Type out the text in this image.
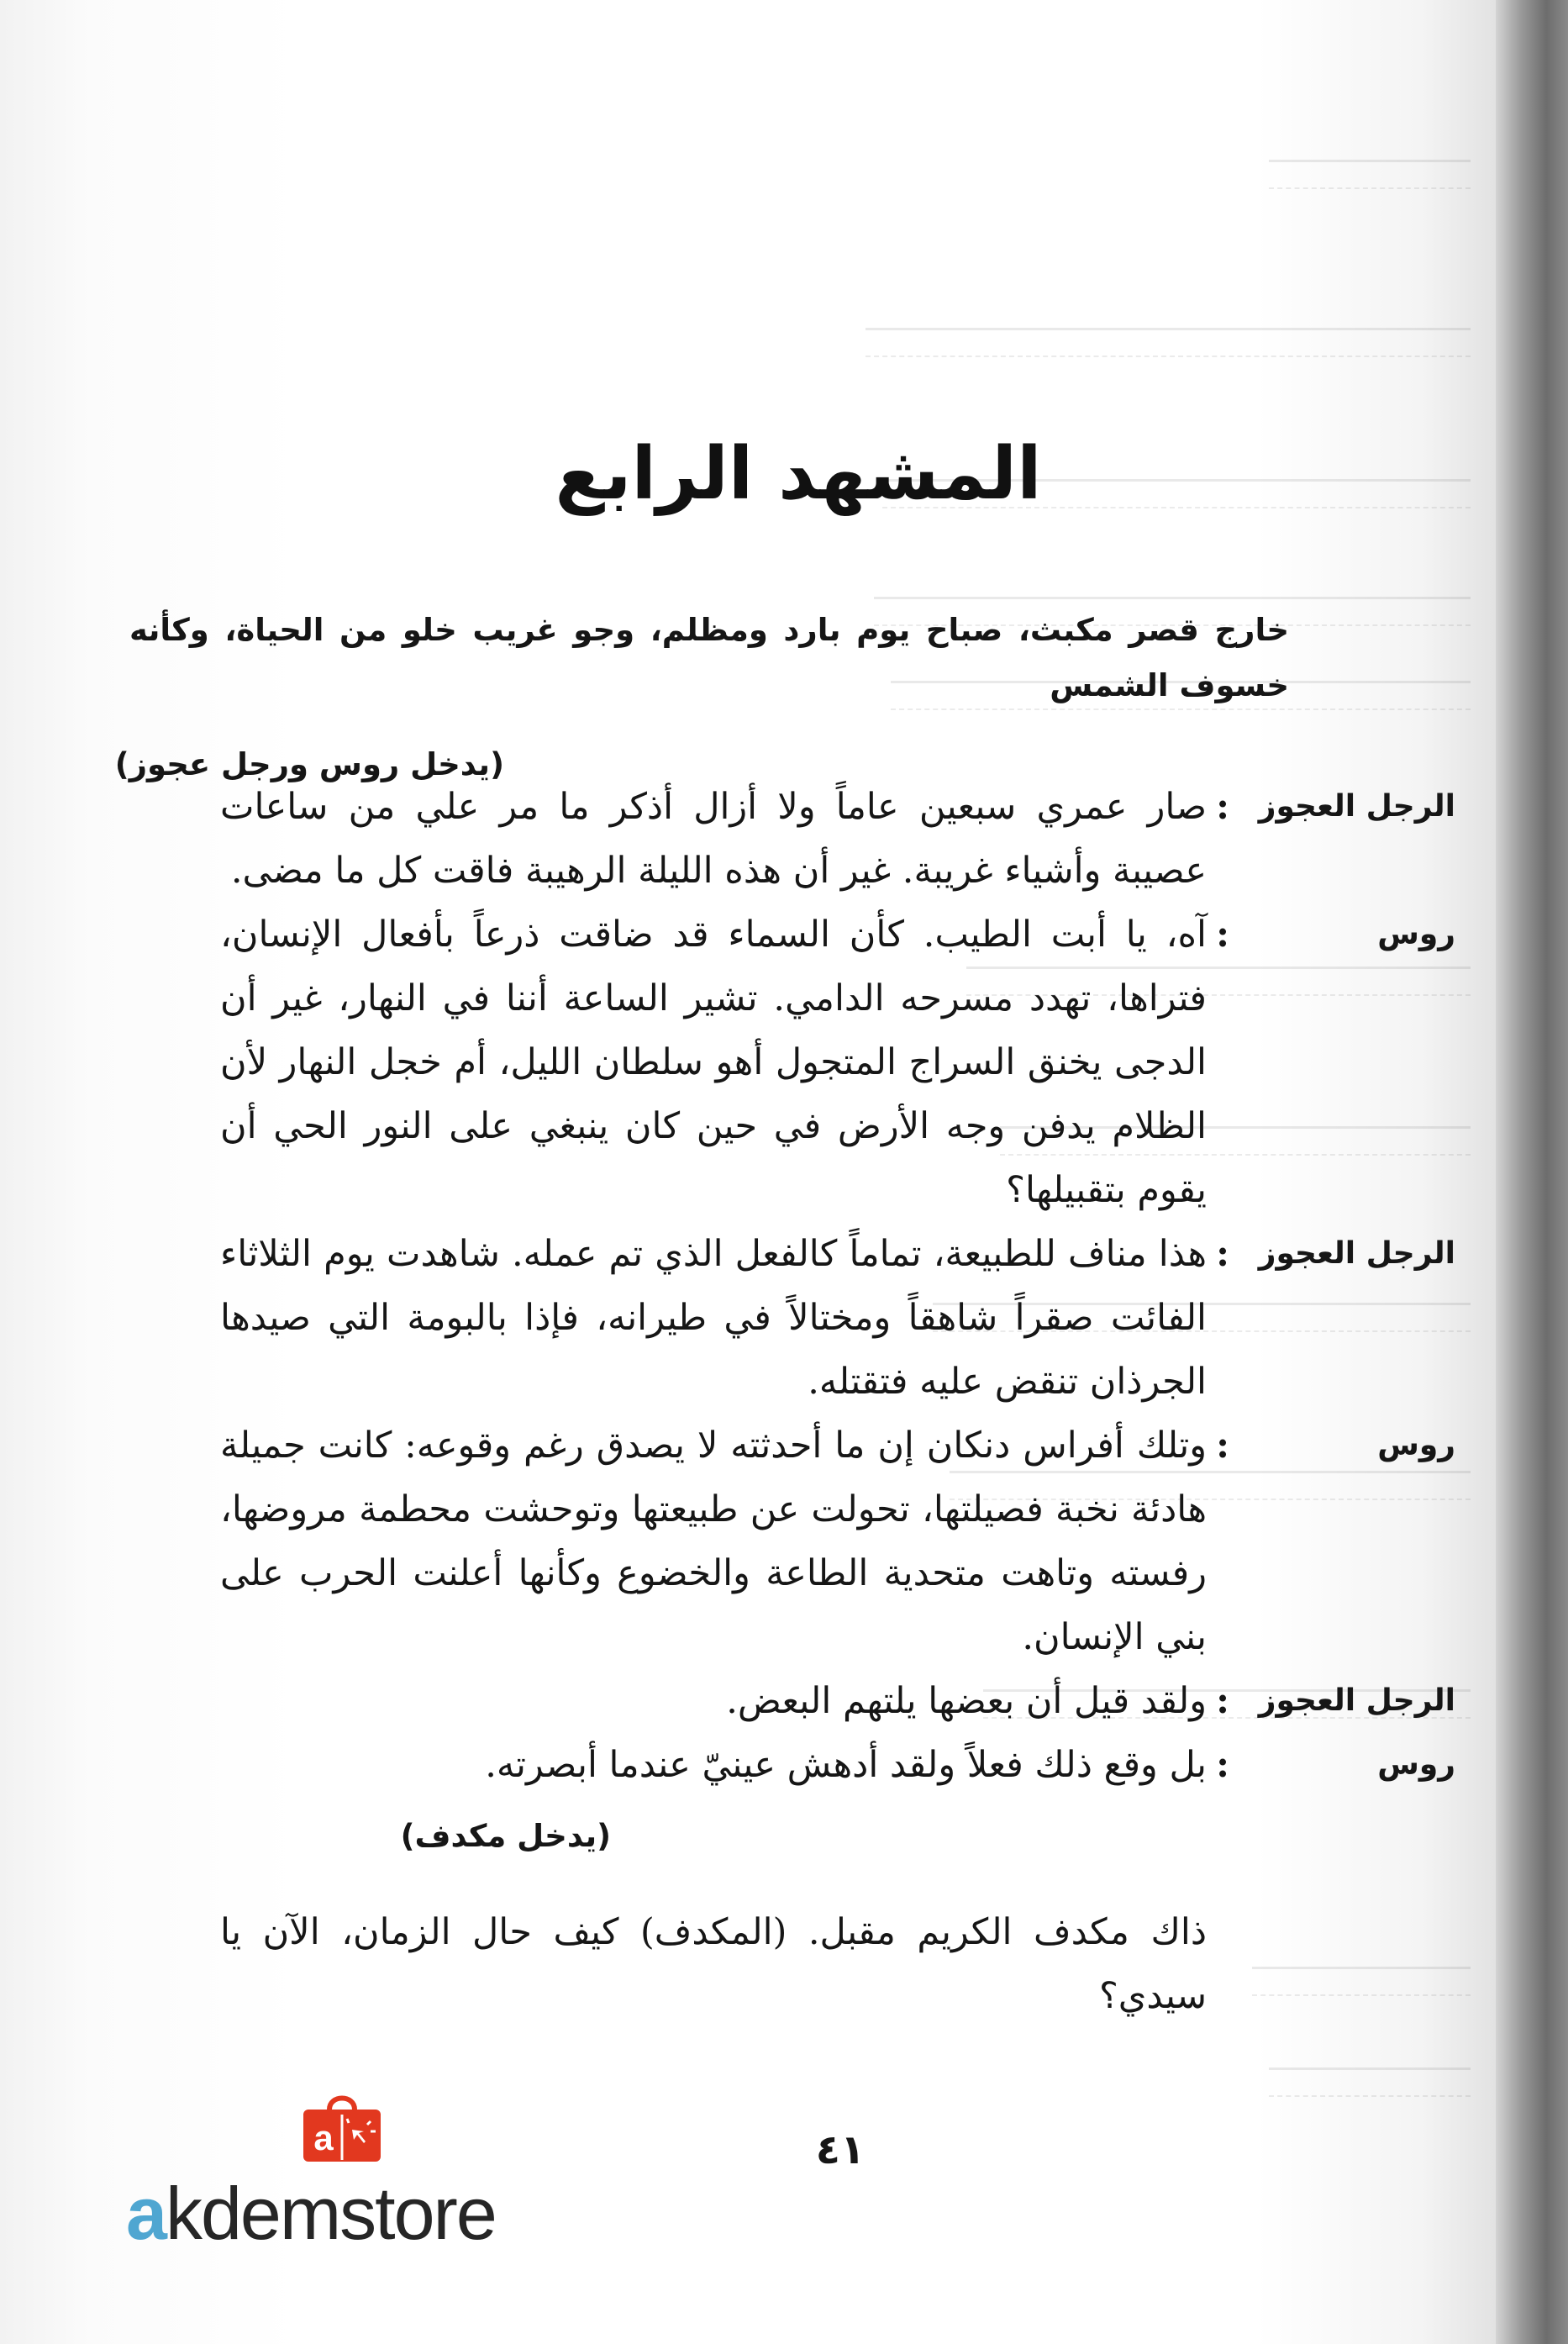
المشهد الرابع

خارج قصر مكبث، صباح يوم بارد ومظلم، وجو غريب خلو من الحياة، وكأنه خسوف الشمس

(يدخل روس ورجل عجوز)

الرجل العجوز
:
صار عمري سبعين عاماً ولا أزال أذكر ما مر علي من ساعات عصيبة وأشياء غريبة. غير أن هذه الليلة الرهيبة فاقت كل ما مضى.
روس
:
آه، يا أبت الطيب. كأن السماء قد ضاقت ذرعاً بأفعال الإنسان، فتراها، تهدد مسرحه الدامي. تشير الساعة أننا في النهار، غير أن الدجى يخنق السراج المتجول أهو سلطان الليل، أم خجل النهار لأن الظلام يدفن وجه الأرض في حين كان ينبغي على النور الحي أن يقوم بتقبيلها؟
الرجل العجوز
:
هذا مناف للطبيعة، تماماً كالفعل الذي تم عمله. شاهدت يوم الثلاثاء الفائت صقراً شاهقاً ومختالاً في طيرانه، فإذا بالبومة التي صيدها الجرذان تنقض عليه فتقتله.
روس
:
وتلك أفراس دنكان إن ما أحدثته لا يصدق رغم وقوعه: كانت جميلة هادئة نخبة فصيلتها، تحولت عن طبيعتها وتوحشت محطمة مروضها، رفسته وتاهت متحدية الطاعة والخضوع وكأنها أعلنت الحرب على بني الإنسان.
الرجل العجوز
:
ولقد قيل أن بعضها يلتهم البعض.
روس
:
بل وقع ذلك فعلاً ولقد أدهش عينيّ عندما أبصرته.

(يدخل مكدف)

ذاك مكدف الكريم مقبل. (المكدف) كيف حال الزمان، الآن يا سيدي؟

٤١
a
akdemstore
